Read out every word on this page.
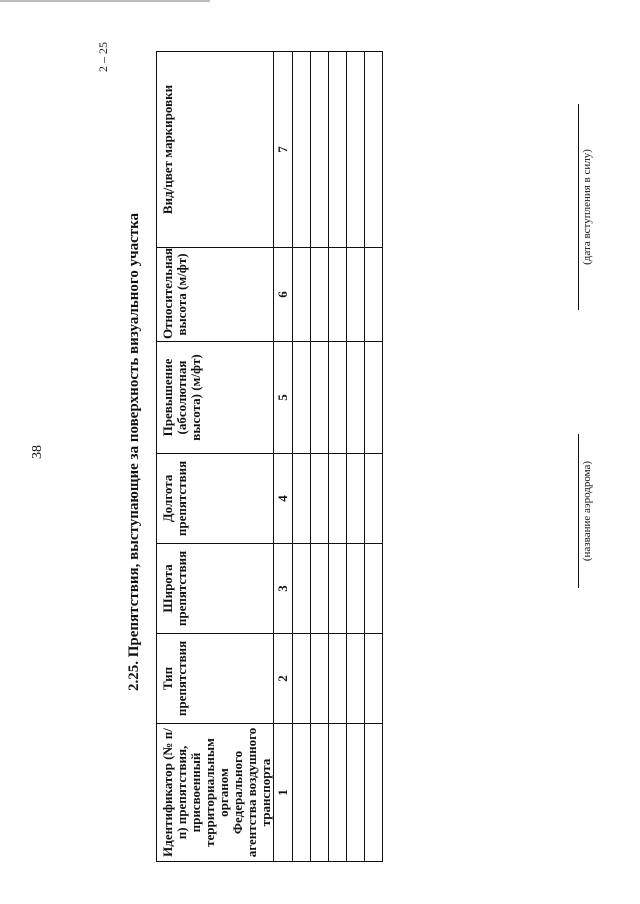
38
2 – 25
2.25. Препятствия, выступающие за поверхность визуального участка
Идентификатор (№ п/п) препятствия, присвоенный территориальным органом Федерального агентства воздушного транспорта	Тип препятствия	Широта препятствия	Долгота препятствия	Превышение (абсолютная высота) (м/фт)	Относительная высота (м/фт)	Вид/цвет маркировки
1	2	3	4	5	6	7

(название аэродрома)
(дата вступления в силу)
